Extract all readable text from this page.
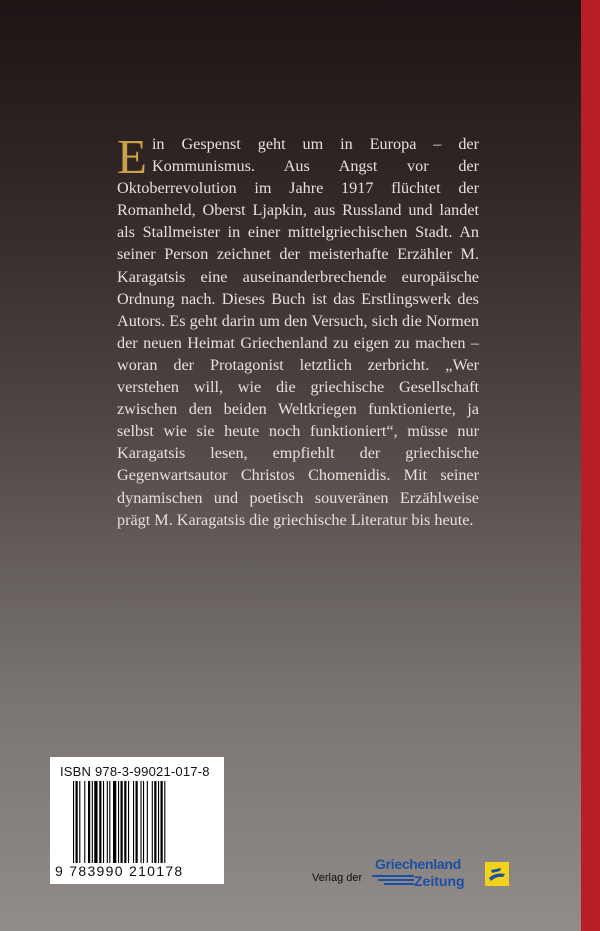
Ein Gespenst geht um in Europa – der Kommunismus. Aus Angst vor der Oktoberrevolution im Jahre 1917 flüchtet der Romanheld, Oberst Ljapkin, aus Russland und landet als Stallmeister in einer mittelgriechischen Stadt. An seiner Person zeichnet der meisterhafte Erzähler M. Karagatsis eine auseinanderbrechende europäische Ordnung nach. Dieses Buch ist das Erstlingswerk des Autors. Es geht darin um den Versuch, sich die Normen der neuen Heimat Griechenland zu eigen zu machen – woran der Protagonist letztlich zerbricht. „Wer verstehen will, wie die griechische Gesellschaft zwischen den beiden Weltkriegen funktionierte, ja selbst wie sie heute noch funktioniert“, müsse nur Karagatsis lesen, empfiehlt der griechische Gegenwartsautor Christos Chomenidis. Mit seiner dynamischen und poetisch souveränen Erzählweise prägt M. Karagatsis die griechische Literatur bis heute.

ISBN 978-3-99021-017-8
9 783990 210178	Verlag der
Griechenland
Zeitung
